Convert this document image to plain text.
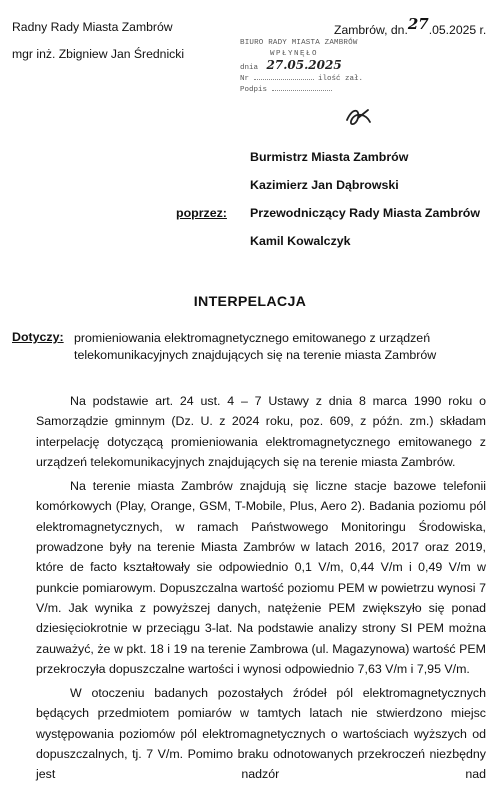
Radny Rady Miasta Zambrów
mgr inż. Zbigniew Jan Średnicki
Zambrów, dn.27.05.2025 r.
BIURO RADY MIASTA ZAMBRÓW
WPŁYNĘŁO
dnia 27.05.2025
Nr	ilość zał.
Podpis
Burmistrz Miasta Zambrów
Kazimierz Jan Dąbrowski
poprzez: Przewodniczący Rady Miasta Zambrów
Kamil Kowalczyk
INTERPELACJA
Dotyczy: promieniowania elektromagnetycznego emitowanego z urządzeń telekomunikacyjnych znajdujących się na terenie miasta Zambrów

Na podstawie art. 24 ust. 4 – 7 Ustawy z dnia 8 marca 1990 roku o Samorządzie gminnym (Dz. U. z 2024 roku, poz. 609, z późn. zm.) składam interpelację dotyczącą promieniowania elektromagnetycznego emitowanego z urządzeń telekomunikacyjnych znajdujących się na terenie miasta Zambrów.

Na terenie miasta Zambrów znajdują się liczne stacje bazowe telefonii komórkowych (Play, Orange, GSM, T-Mobile, Plus, Aero 2). Badania poziomu pól elektromagnetycznych, w ramach Państwowego Monitoringu Środowiska, prowadzone były na terenie Miasta Zambrów w latach 2016, 2017 oraz 2019, które de facto kształtowały sie odpowiednio 0,1 V/m, 0,44 V/m i 0,49 V/m w punkcie pomiarowym. Dopuszczalna wartość poziomu PEM w powietrzu wynosi 7 V/m. Jak wynika z powyższej danych, natężenie PEM zwiększyło się ponad dziesięciokrotnie w przeciągu 3-lat. Na podstawie analizy strony SI PEM można zauważyć, że w pkt. 18 i 19 na terenie Zambrowa (ul. Magazynowa) wartość PEM przekroczyła dopuszczalne wartości i wynosi odpowiednio 7,63 V/m i 7,95 V/m.

W otoczeniu badanych pozostałych źródeł pól elektromagnetycznych będących przedmiotem pomiarów w tamtych latach nie stwierdzono miejsc występowania poziomów pól elektromagnetycznych o wartościach wyższych od dopuszczalnych, tj. 7 V/m. Pomimo braku odnotowanych przekroczeń niezbędny jest nadzór nad
